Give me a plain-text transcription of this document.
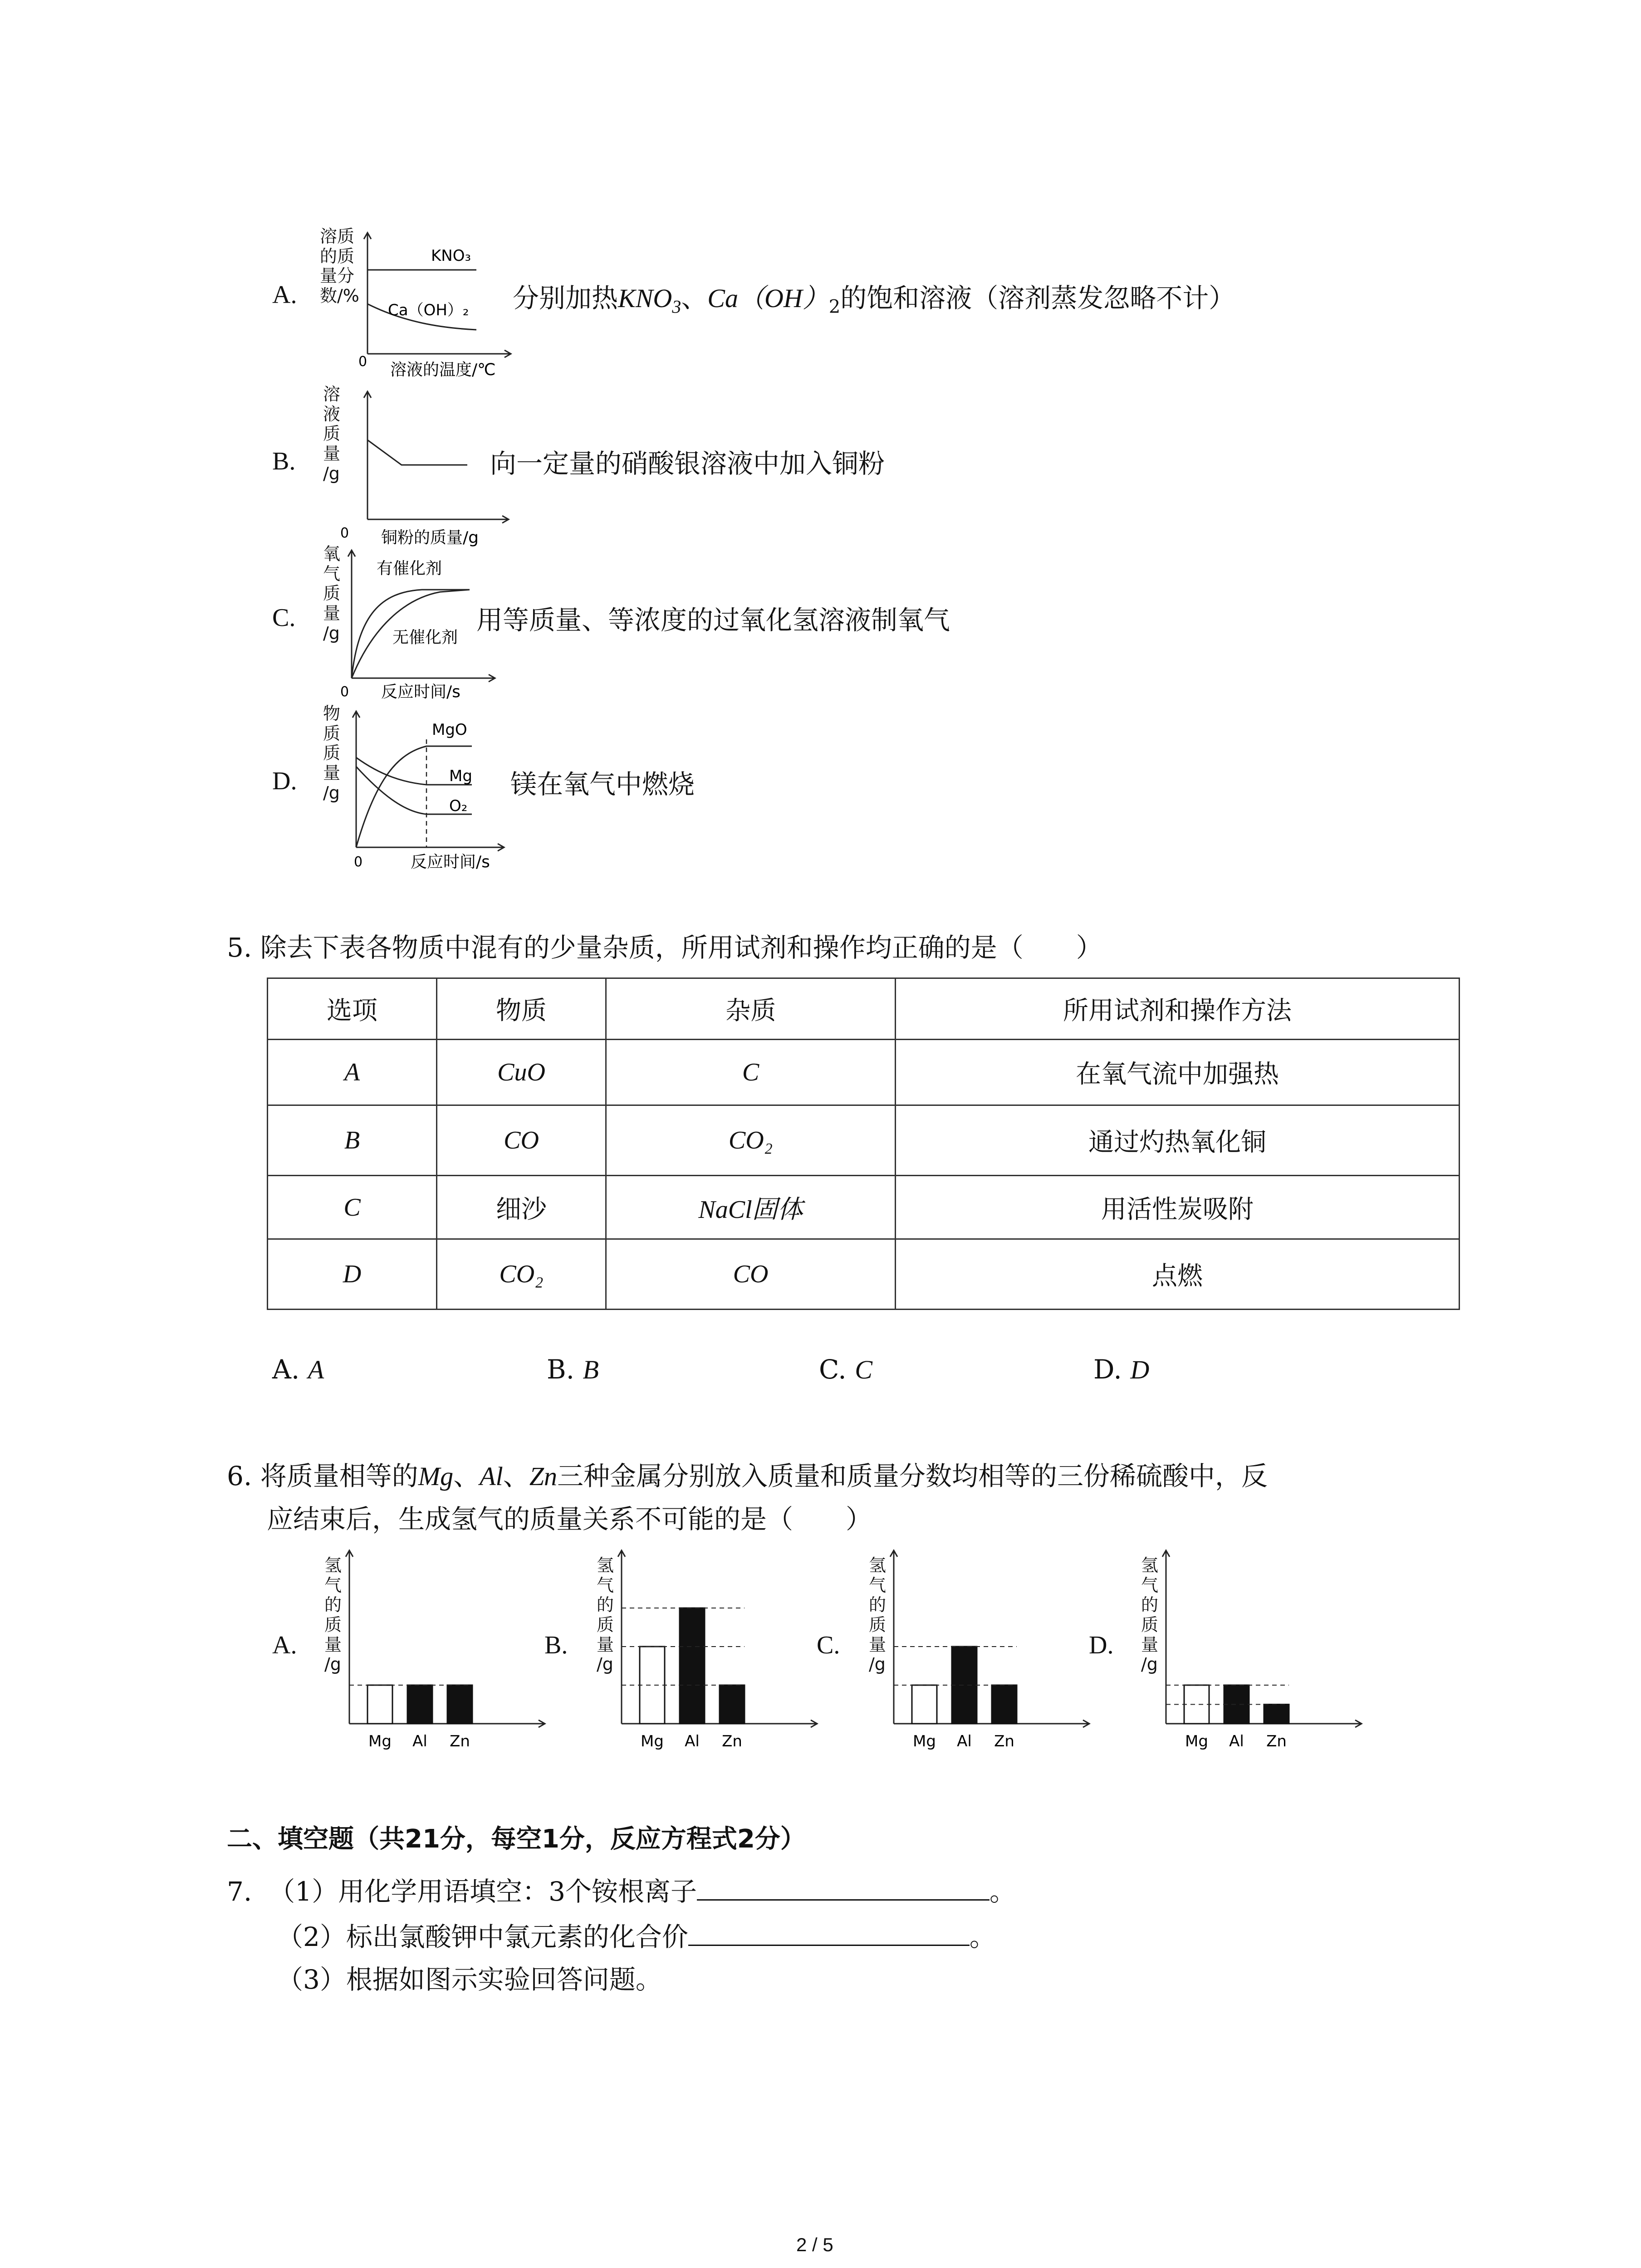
A.
KNO₃
Ca（OH）₂
0 溶液的温度/℃
溶质
的质
量分
数/%	分别加热$KNO_3$、$Ca(OH)_2$的饱和溶液（溶剂蒸发忽略不计）
B.
0 铜粉的质量/g
溶
液
质
量
/g	向一定量的硝酸银溶液中加入铜粉
C.
有催化剂
无催化剂
0 反应时间/s
氧
气
质
量
/g	用等质量、等浓度的过氧化氢溶液制氧气
D.
MgO
Mg
O₂
0	反应时间/s
物
质
质
量
/g	镁在氧气中燃烧
5. 除去下表各物质中混有的少量杂质，所用试剂和操作均正确的是（　　）
选项	物质	杂质	所用试剂和操作方法
A	CuO	C	在氧气流中加强热
B	CO	CO₂	通过灼热氧化铜
C	细沙	NaCl固体	用活性炭吸附
D	CO₂	CO	点燃
A. A	B. B	C. C	D. D
6. 将质量相等的Mg、Al、Zn三种金属分别放入质量和质量分数均相等的三份稀硫酸中，反
应结束后，生成氢气的质量关系不可能的是（　　）
二、填空题（共21分，每空1分，反应方程式2分）
7. （1）用化学用语填空：3个铵根离子	。
（2）标出氯酸钾中氯元素的化合价	。
（3）根据如图示实验回答问题。
2 / 5
A.
氢
气
的
质
量
/g
Mg Al Zn
B.
氢
气
的
质
量
/g
Mg Al Zn
C.
氢
气
的
质
量
/g
Mg Al Zn
D.
氢
气
的
质
量
/g
Mg Al Zn
